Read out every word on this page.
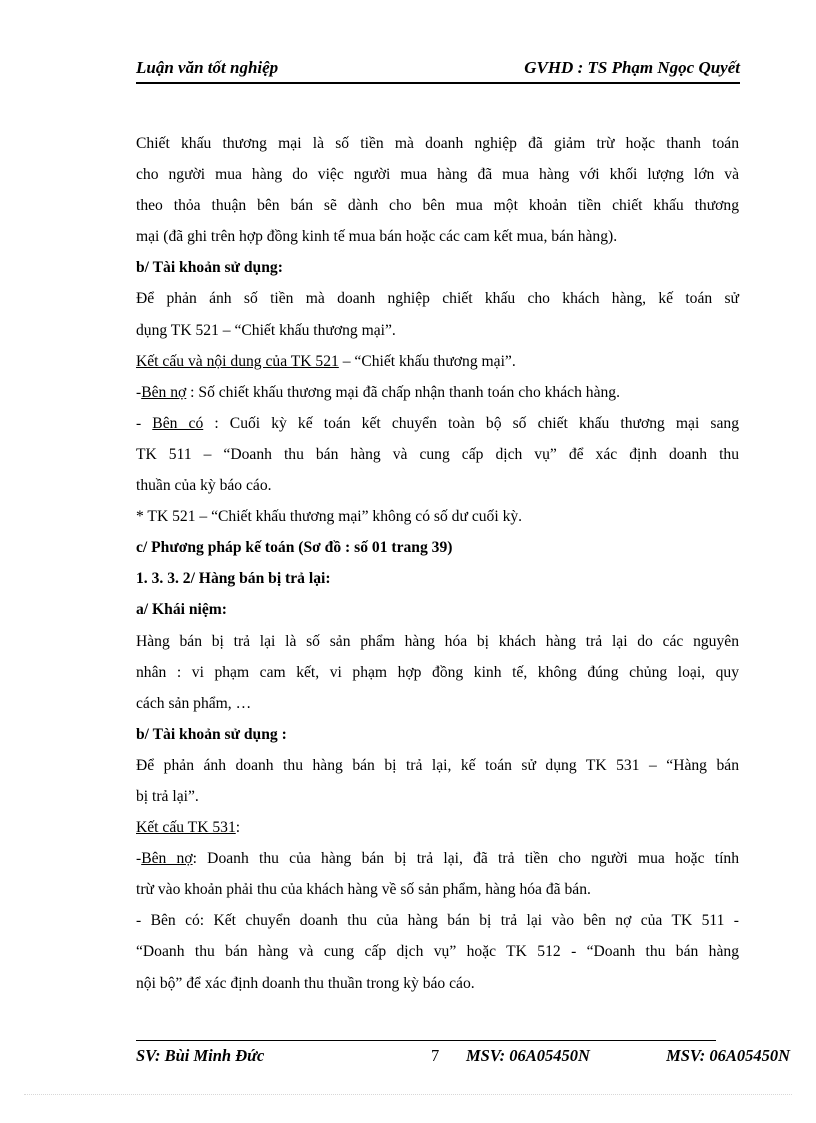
Luận văn tốt nghiệp	GVHD : TS Phạm Ngọc Quyết
Chiết khấu thương mại là số tiền mà doanh nghiệp đã giảm trừ hoặc thanh toán
cho người mua hàng do việc người mua hàng đã mua hàng với khối lượng lớn và
theo thỏa thuận bên bán sẽ dành cho bên mua một khoản tiền chiết khấu thương
mại (đã ghi trên hợp đồng kinh tế mua bán hoặc các cam kết mua, bán hàng).
b/ Tài khoản sử dụng:
Để phản ánh số tiền mà doanh nghiệp chiết khấu cho khách hàng, kế toán sử
dụng TK 521 – “Chiết khấu thương mại”.
Kết cấu và nội dung của TK 521 – “Chiết khấu thương mại”.
-Bên nợ : Số chiết khấu thương mại đã chấp nhận thanh toán cho khách hàng.
- Bên có : Cuối kỳ kế toán kết chuyển toàn bộ số chiết khấu thương mại sang
TK 511 – “Doanh thu bán hàng và cung cấp dịch vụ” để xác định doanh thu
thuần của kỳ báo cáo.
* TK 521 – “Chiết khấu thương mại” không có số dư cuối kỳ.
c/ Phương pháp kế toán (Sơ đồ : số 01 trang 39)
1. 3. 3. 2/ Hàng bán bị trả lại:
a/ Khái niệm:
Hàng bán bị trả lại là số sản phẩm hàng hóa bị khách hàng trả lại do các nguyên
nhân : vi phạm cam kết, vi phạm hợp đồng kinh tế, không đúng chủng loại, quy
cách sản phẩm, …
b/ Tài khoản sử dụng :
Để phản ánh doanh thu hàng bán bị trả lại, kế toán sử dụng TK 531 – “Hàng bán
bị trả lại”.
Kết cấu TK 531:
-Bên nợ: Doanh thu của hàng bán bị trả lại, đã trả tiền cho người mua hoặc tính
trừ vào khoản phải thu của khách hàng về số sản phẩm, hàng hóa đã bán.
- Bên có: Kết chuyển doanh thu của hàng bán bị trả lại vào bên nợ của TK 511 -
“Doanh thu bán hàng và cung cấp dịch vụ” hoặc TK 512 - “Doanh thu bán hàng
nội bộ” để xác định doanh thu thuần trong kỳ báo cáo.
SV: Bùi Minh Đức	7 MSV: 06A05450N	MSV: 06A05450N
